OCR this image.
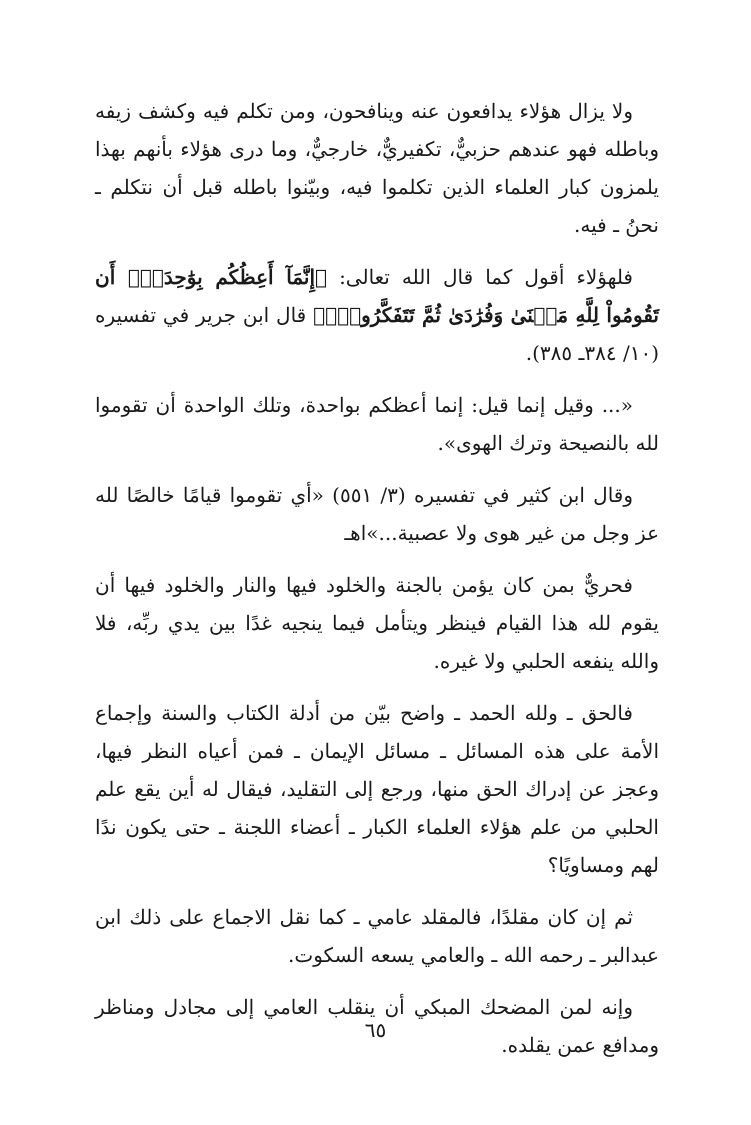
ولا يزال هؤلاء يدافعون عنه وينافحون، ومن تكلم فيه وكشف زيفه وباطله فهو عندهم حزبيٌّ، تكفيريٌّ، خارجيٌّ، وما درى هؤلاء بأنهم بهذا يلمزون كبار العلماء الذين تكلموا فيه، وبيّنوا باطله قبل أن نتكلم ـ نحنُ ـ فيه.

فلهؤلاء أقول كما قال الله تعالى: ﴿إِنَّمَآ أَعِظُكُم بِوَٰحِدَةٍۖ أَن تَقُومُواْ لِلَّهِ مَثۡنَىٰ وَفُرَٰدَىٰ ثُمَّ تَتَفَكَّرُواْۚ﴾ قال ابن جرير في تفسيره (١٠/ ٣٨٤ـ ٣٨٥).

«... وقيل إنما قيل: إنما أعظكم بواحدة، وتلك الواحدة أن تقوموا لله بالنصيحة وترك الهوى».

وقال ابن كثير في تفسيره (٣/ ٥٥١) «أي تقوموا قيامًا خالصًا لله عز وجل من غير هوى ولا عصبية...»اهـ

فحريٌّ بمن كان يؤمن بالجنة والخلود فيها والنار والخلود فيها أن يقوم لله هذا القيام فينظر ويتأمل فيما ينجيه غدًا بين يدي ربِّه، فلا والله ينفعه الحلبي ولا غيره.

فالحق ـ ولله الحمد ـ واضح بيّن من أدلة الكتاب والسنة وإجماع الأمة على هذه المسائل ـ مسائل الإيمان ـ فمن أعياه النظر فيها، وعجز عن إدراك الحق منها، ورجع إلى التقليد، فيقال له أين يقع علم الحلبي من علم هؤلاء العلماء الكبار ـ أعضاء اللجنة ـ حتى يكون ندًا لهم ومساويًا؟

ثم إن كان مقلدًا، فالمقلد عامي ـ كما نقل الاجماع على ذلك ابن عبدالبر ـ رحمه الله ـ والعامي يسعه السكوت.

وإنه لمن المضحك المبكي أن ينقلب العامي إلى مجادل ومناظر ومدافع عمن يقلده.

٦٥
